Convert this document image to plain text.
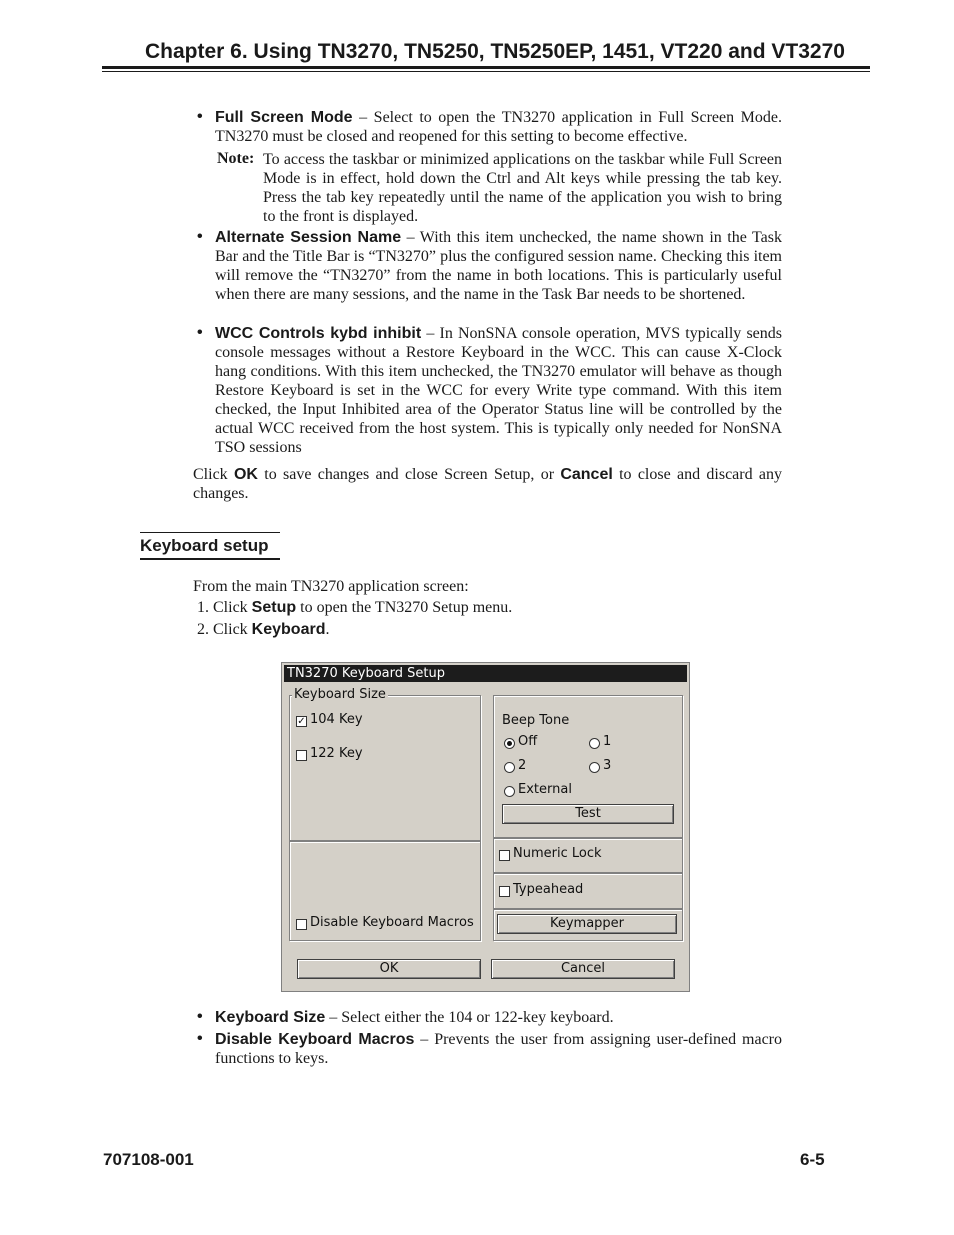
Chapter 6. Using TN3270, TN5250, TN5250EP, 1451, VT220 and VT3270
• Full Screen Mode – Select to open the TN3270 application in Full Screen Mode. TN3270 must be closed and reopened for this setting to become effective.
Note: To access the taskbar or minimized applications on the taskbar while Full Screen Mode is in effect, hold down the Ctrl and Alt keys while pressing the tab key. Press the tab key repeatedly until the name of the application you wish to bring to the front is displayed.
• Alternate Session Name – With this item unchecked, the name shown in the Task Bar and the Title Bar is “TN3270” plus the configured session name. Checking this item will remove the “TN3270” from the name in both locations. This is particularly useful when there are many sessions, and the name in the Task Bar needs to be shortened.
• WCC Controls kybd inhibit – In NonSNA console operation, MVS typically sends console messages without a Restore Keyboard in the WCC. This can cause X-Clock hang conditions. With this item unchecked, the TN3270 emulator will behave as though Restore Keyboard is set in the WCC for every Write type command. With this item checked, the Input Inhibited area of the Operator Status line will be controlled by the actual WCC received from the host system. This is typically only needed for NonSNA TSO sessions
Click OK to save changes and close Screen Setup, or Cancel to close and discard any changes.
Keyboard setup
From the main TN3270 application screen:
1. Click Setup to open the TN3270 Setup menu.
2. Click Keyboard.
TN3270 Keyboard Setup
Keyboard Size
✓ 104 Key
122 Key
Disable Keyboard Macros
Beep Tone
Off	1
2	3
External
Test
Numeric Lock
Typeahead
Keymapper
OK	Cancel
• Keyboard Size – Select either the 104 or 122-key keyboard.
• Disable Keyboard Macros – Prevents the user from assigning user-defined macro functions to keys.
707108-001	6-5
